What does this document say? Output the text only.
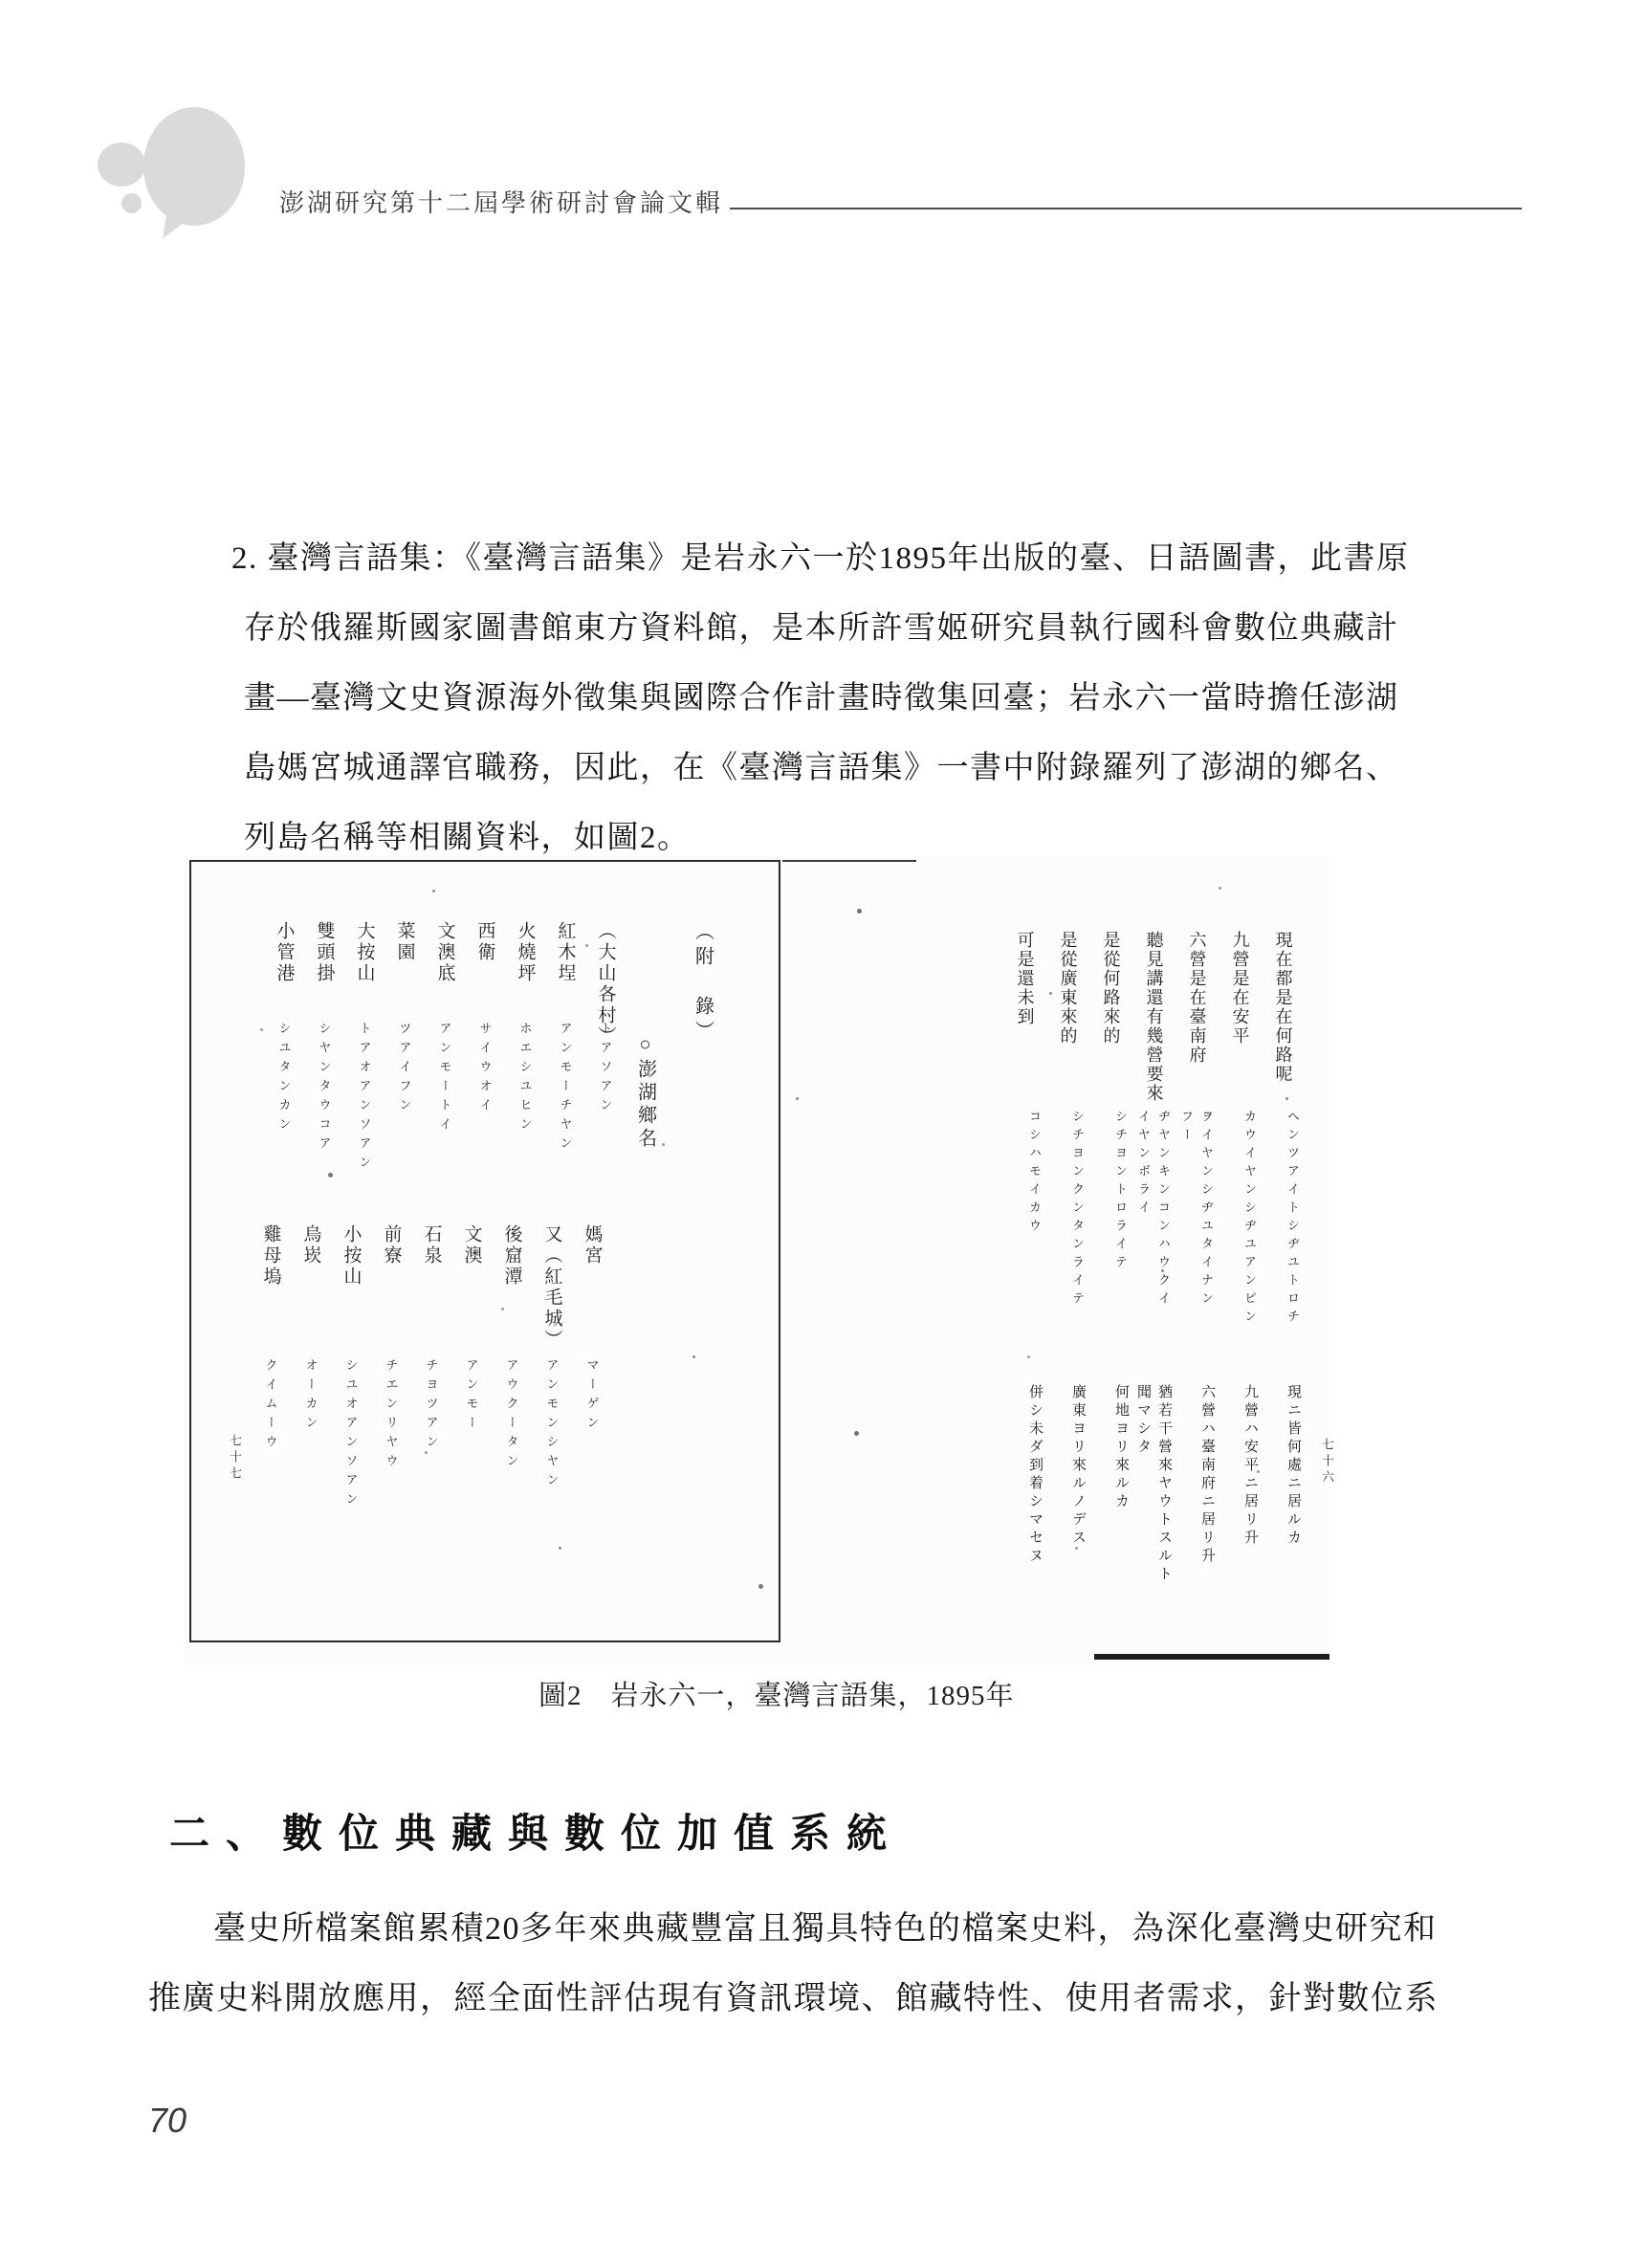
澎湖研究第十二屆學術研討會論文輯
2. 臺灣言語集：《臺灣言語集》是岩永六一於1895年出版的臺、日語圖書，此書原
存於俄羅斯國家圖書館東方資料館，是本所許雪姬研究員執行國科會數位典藏計
畫—臺灣文史資源海外徵集與國際合作計畫時徵集回臺；岩永六一當時擔任澎湖
島媽宮城通譯官職務，因此，在《臺灣言語集》一書中附錄羅列了澎湖的鄉名、
列島名稱等相關資料，如圖2。
（附　錄）
○澎湖鄉名
（大山各村）
トアソアン
紅木埕
アンモーチヤン
火燒坪
ホエシユヒン
西衛
サイウオイ
文澳底
アンモートイ
菜園
ツアイフン
大按山
トアオアンソアン
雙頭掛
シヤンタウコア
小管港
シユタンカン
媽宮
マーゲン
又（紅毛城）
アンモンシヤン
後窟潭
アウクータン
文澳
アンモー
石泉
チヨツアン
前寮
チエンリヤウ
小按山
シユオアンソアン
烏崁
オーカン
雞母塢
クイムーウ
現在都是在何路呢
ヘンツアイトシヂユトロチ
現ニ皆何處ニ居ルカ
九營是在安平
カウイヤンシヂユアンピン
九營ハ安平ニ居リ升
六營是在臺南府
ヲイヤンシヂユタイナン
フー
六營ハ臺南府ニ居リ升
聽見講還有幾營要來
ヂヤンキンコンハウクイ
イヤンボライ
猶若干營來ヤウトスルト
聞マシタ
是從何路來的
シチヨントロライテ
何地ヨリ來ルカ
是從廣東來的
シチヨンクンタンライテ
廣東ヨリ來ルノデス
可是還未到
コシハモイカウ
併シ未ダ到着シマセヌ	七十六
七十七
圖2　岩永六一，臺灣言語集，1895年
二、數位典藏與數位加值系統
臺史所檔案館累積20多年來典藏豐富且獨具特色的檔案史料，為深化臺灣史研究和
推廣史料開放應用，經全面性評估現有資訊環境、館藏特性、使用者需求，針對數位系
70
